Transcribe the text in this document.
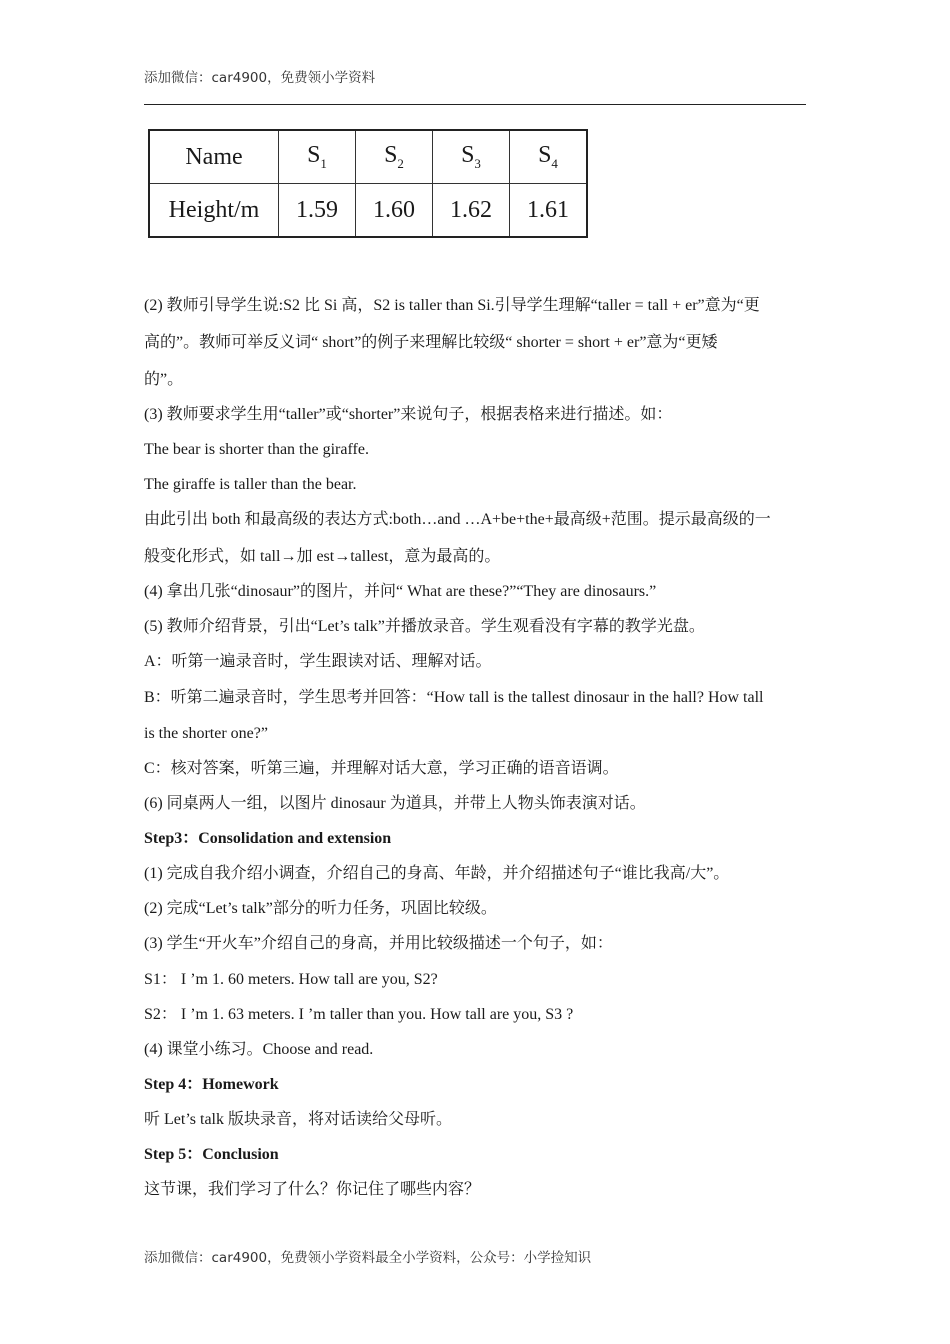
添加微信：car4900，免费领小学资料
Name	$S_1$	$S_2$	$S_3$	$S_4$
Height/m	1.59	1.60	1.62	1.61
(2) 教师引导学生说:S2 比 Si 高，S2 is taller than Si.引导学生理解“taller = tall + er”意为“更
高的”。教师可举反义词“ short”的例子来理解比较级“ shorter = short + er”意为“更矮
的”。
(3) 教师要求学生用“taller”或“shorter”来说句子，根据表格来进行描述。如：
The bear is shorter than the giraffe.
The giraffe is taller than the bear.
由此引出 both 和最高级的表达方式:both…and …A+be+the+最高级+范围。提示最高级的一
般变化形式，如 tall→加 est→tallest，意为最高的。
(4) 拿出几张“dinosaur”的图片，并问“ What are these?”“They are dinosaurs.”
(5) 教师介绍背景，引出“Let’s talk”并播放录音。学生观看没有字幕的教学光盘。
A：听第一遍录音时，学生跟读对话、理解对话。
B：听第二遍录音时，学生思考并回答：“How tall is the tallest dinosaur in the hall? How tall
is the shorter one?”
C：核对答案，听第三遍，并理解对话大意，学习正确的语音语调。
(6) 同桌两人一组，以图片 dinosaur 为道具，并带上人物头饰表演对话。
Step3：Consolidation and extension
(1) 完成自我介绍小调查，介绍自己的身高、年龄，并介绍描述句子“谁比我高/大”。
(2) 完成“Let’s talk”部分的听力任务，巩固比较级。
(3) 学生“开火车”介绍自己的身高，并用比较级描述一个句子，如：
S1： I ’m 1. 60 meters. How tall are you, S2?
S2： I ’m 1. 63 meters. I ’m taller than you. How tall are you, S3 ?
(4) 课堂小练习。Choose and read.
Step 4：Homework
听 Let’s talk 版块录音，将对话读给父母听。
Step 5：Conclusion
这节课，我们学习了什么？你记住了哪些内容？
添加微信：car4900，免费领小学资料最全小学资料，公众号：小学捡知识
